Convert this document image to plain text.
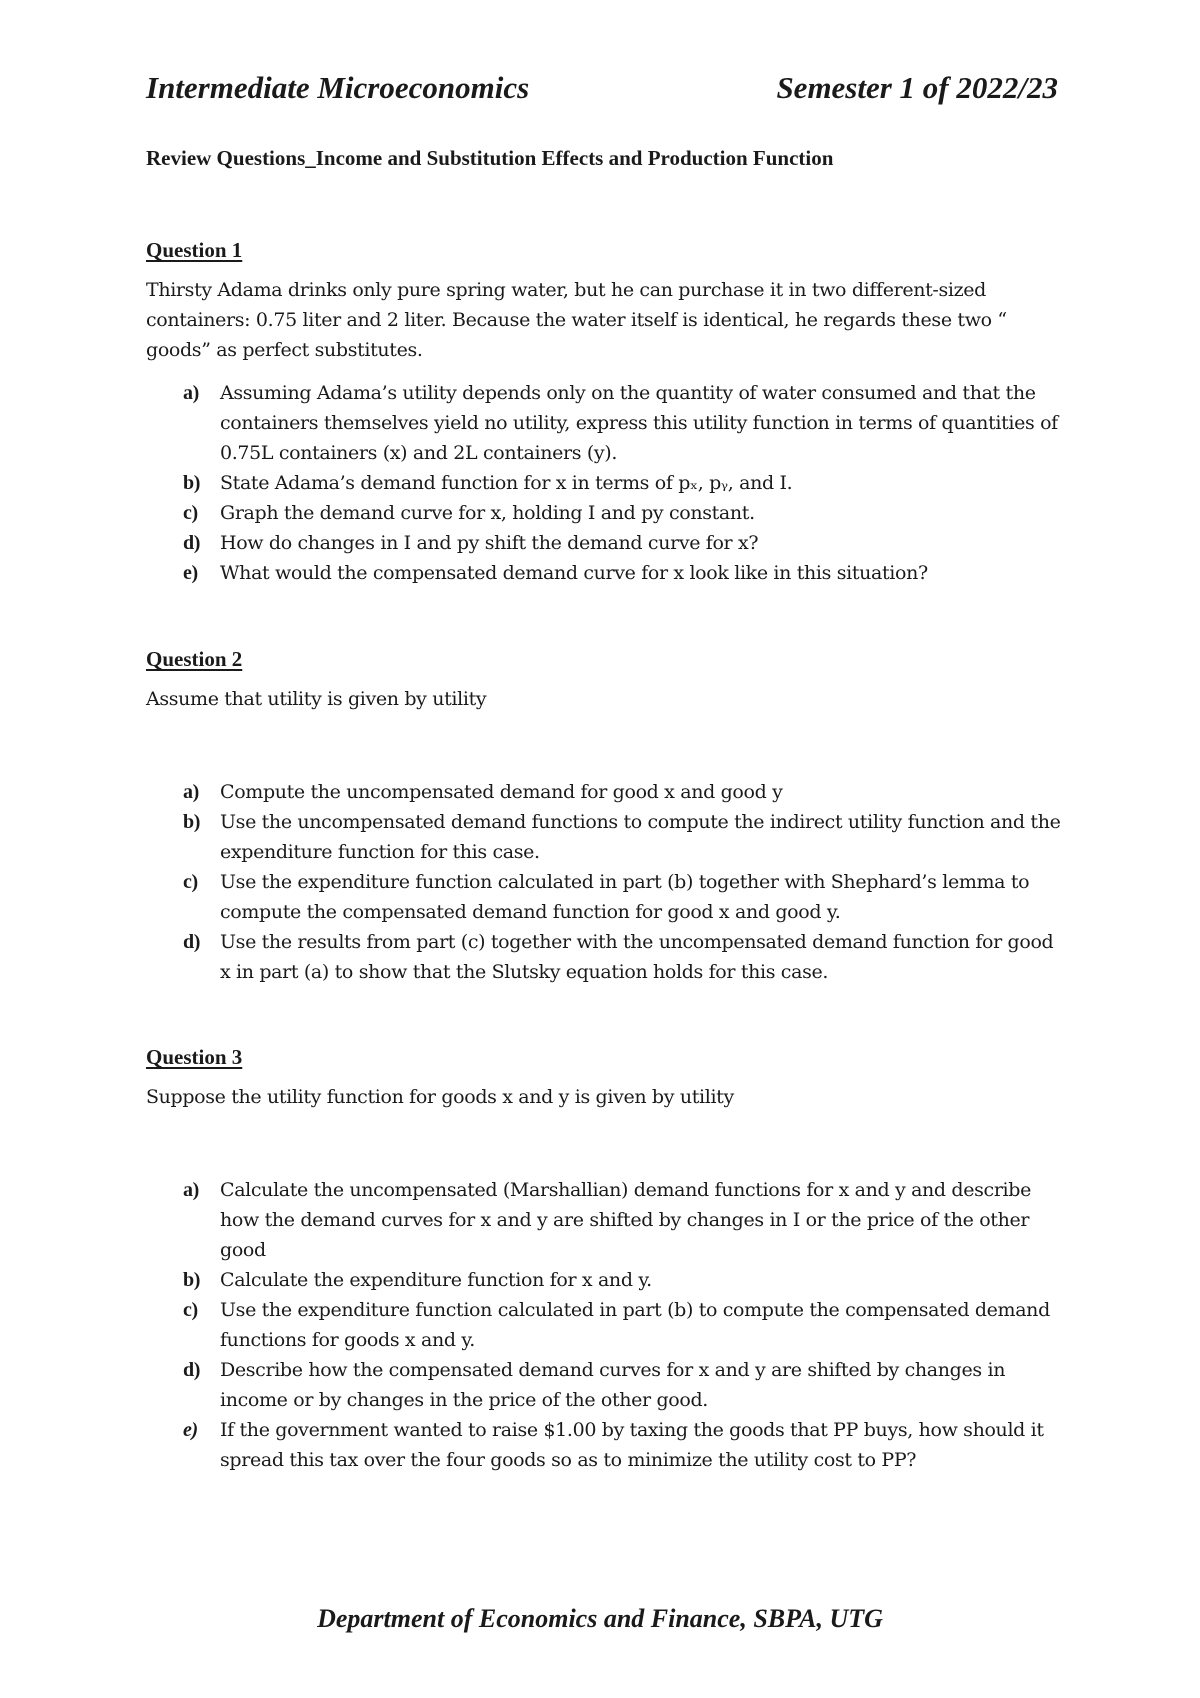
Intermediate Microeconomics	Semester 1 of 2022/23
Review Questions_Income and Substitution Effects and Production Function

Question 1

Thirsty Adama drinks only pure spring water, but he can purchase it in two different-sized containers: 0.75 liter and 2 liter. Because the water itself is identical, he regards these two “ goods” as perfect substitutes.

a)	Assuming Adama’s utility depends only on the quantity of water consumed and that the containers themselves yield no utility, express this utility function in terms of quantities of 0.75L containers (x) and 2L containers (y).
b)	State Adama’s demand function for x in terms of pₓ, pᵧ, and I.
c)	Graph the demand curve for x, holding I and py constant.
d)	How do changes in I and py shift the demand curve for x?
e)	What would the compensated demand curve for x look like in this situation?

Question 2

Assume that utility is given by utility

a)	Compute the uncompensated demand for good x and good y
b)	Use the uncompensated demand functions to compute the indirect utility function and the expenditure function for this case.
c)	Use the expenditure function calculated in part (b) together with Shephard’s lemma to compute the compensated demand function for good x and good y.
d)	Use the results from part (c) together with the uncompensated demand function for good x in part (a) to show that the Slutsky equation holds for this case.

Question 3

Suppose the utility function for goods x and y is given by utility

a)	Calculate the uncompensated (Marshallian) demand functions for x and y and describe how the demand curves for x and y are shifted by changes in I or the price of the other good
b)	Calculate the expenditure function for x and y.
c)	Use the expenditure function calculated in part (b) to compute the compensated demand functions for goods x and y.
d)	Describe how the compensated demand curves for x and y are shifted by changes in income or by changes in the price of the other good.
e)	If the government wanted to raise $1.00 by taxing the goods that PP buys, how should it spread this tax over the four goods so as to minimize the utility cost to PP?
Department of Economics and Finance, SBPA, UTG
